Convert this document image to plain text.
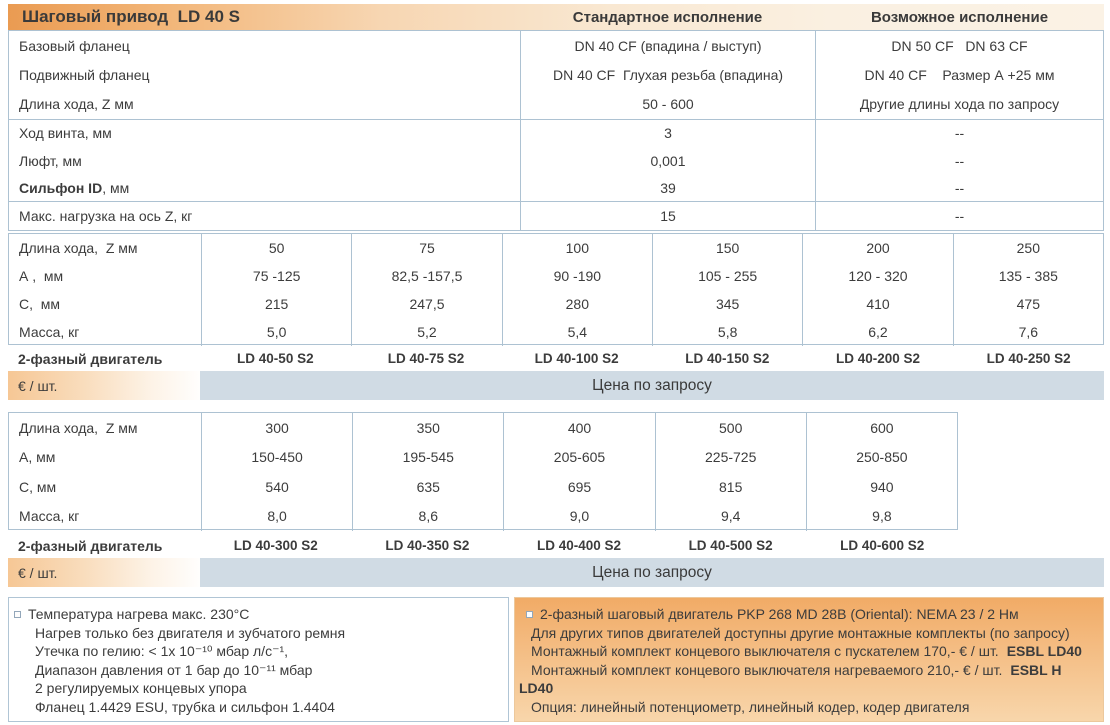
Шаговый привод  LD 40 S	Стандартное исполнение	Возможное исполнение
Базовый фланец	DN 40 CF (впадина / выступ)	DN 50 CF   DN 63 CF
Подвижный фланец	DN 40 CF  Глухая резьба (впадина)	DN 40 CF    Размер А +25 мм
Длина хода, Z мм	50 - 600	Другие длины хода по запросу
Ход винта, мм	3	--
Люфт, мм	0,001	--
Сильфон ID , мм	39	--
Макс. нагрузка на ось Z, кг	15	--
Длина хода,  Z мм	50	75	100	150	200	250
А ,  мм	75 -125	82,5 -157,5	90 -190	105 - 255	120 - 320	135 - 385
С,  мм	215	247,5	280	345	410	475
Масса, кг	5,0	5,2	5,4	5,8	6,2	7,6
2-фазный двигатель	LD 40-50 S2	LD 40-75 S2	LD 40-100 S2	LD 40-150 S2	LD 40-200 S2	LD 40-250 S2
€ / шт.	Цена по запросу
Длина хода,  Z мм	300	350	400	500	600
А, мм	150-450	195-545	205-605	225-725	250-850
С, мм	540	635	695	815	940
Масса, кг	8,0	8,6	9,0	9,4	9,8
2-фазный двигатель	LD 40-300 S2	LD 40-350 S2	LD 40-400 S2	LD 40-500 S2	LD 40-600 S2
€ / шт.	Цена по запросу
Температура нагрева макс. 230°C
Нагрев только без двигателя и зубчатого ремня
Утечка по гелию: < 1x 10⁻¹⁰ мбар л/с⁻¹,
Диапазон давления от 1 бар до 10⁻¹¹ мбар
2 регулируемых концевых упора
Фланец 1.4429 ESU, трубка и сильфон 1.4404
2-фазный шаговый двигатель PKP 268 MD 28B (Oriental): NEMA 23 / 2 Нм
Для других типов двигателей доступны другие монтажные комплекты (по запросу)
Монтажный комплект концевого выключателя с пускателем 170,- € / шт. ESBL LD40
Монтажный комплект концевого выключателя нагреваемого 210,- € / шт. ESBL H
LD40
Опция: линейный потенциометр, линейный кодер, кодер двигателя
